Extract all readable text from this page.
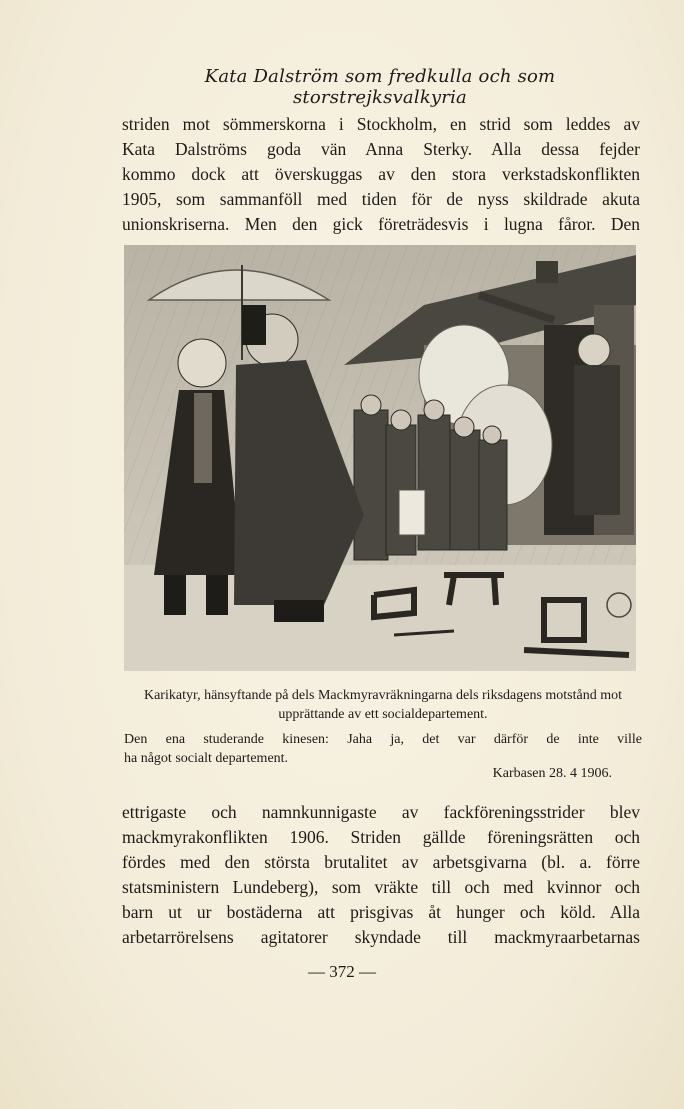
Kata Dalström som fredkulla och som storstrejksvalkyria
striden mot sömmerskorna i Stockholm, en strid som leddes av
Kata Dalströms goda vän Anna Sterky. Alla dessa fejder
kommo dock att överskuggas av den stora verkstadskonflikten
1905, som sammanföll med tiden för de nyss skildrade akuta
unionskriserna. Men den gick företrädesvis i lugna fåror. Den
Karikatyr, hänsyftande på dels Mackmyravräkningarna dels riksdagens motstånd mot upprättande av ett socialdepartement.
Den ena studerande kinesen: Jaha ja, det var därför de inte ville
ha något socialt departement.
Karbasen 28. 4 1906.
ettrigaste och namnkunnigaste av fackföreningsstrider blev
mackmyrakonflikten 1906. Striden gällde föreningsrätten och
fördes med den största brutalitet av arbetsgivarna (bl. a. förre
statsministern Lundeberg), som vräkte till och med kvinnor och
barn ut ur bostäderna att prisgivas åt hunger och köld. Alla
arbetarrörelsens agitatorer skyndade till mackmyraarbetarnas
— 372 —
